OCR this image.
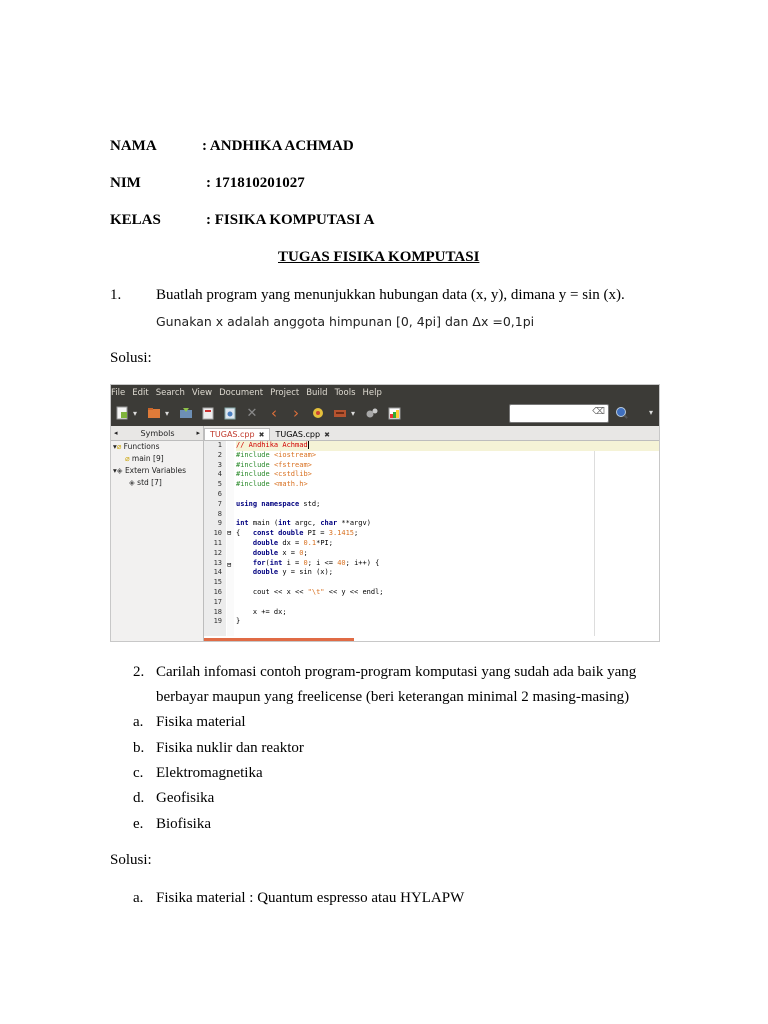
NAMA	: ANDHIKA ACHMAD
NIM	: 171810201027
KELAS	: FISIKA KOMPUTASI A
TUGAS FISIKA KOMPUTASI
1. Buatlah program yang menunjukkan hubungan data (x, y), dimana y = sin (x).
Gunakan x adalah anggota himpunan [0, 4pi] dan Δx =0,1pi
Solusi:
File Edit Search View Document Project Build Tools Help
▾	▾	✕ ‹	›	▾	⌫	▾
◂	Symbols	▸
▾⌀ Functions
⌀ main [9]
▾◈ Extern Variables
◈ std [7]
TUGAS.cpp ✖ TUGAS.cpp ✖
1
2
3
4
5
6
7
8
9
10
11
12
13
14
15
16
17
18
19
⊟
⊟
// Andhika Achmad
#include <iostream>
#include <fstream>
#include <cstdlib>
#include <math.h>
using namespace std;
int main (int argc, char **argv)
{   const double PI = 3.1415;
double dx = 0.1*PI;
double x = 0;
for(int i = 0; i <= 40; i++) {
double y = sin (x);
cout << x << "\t" << y << endl;
x += dx;
}
2. Carilah infomasi contoh program-program komputasi yang sudah ada baik yang
berbayar maupun yang freelicense (beri keterangan minimal 2 masing-masing)
a. Fisika material
b. Fisika nuklir dan reaktor
c. Elektromagnetika
d. Geofisika
e. Biofisika
Solusi:
a. Fisika material : Quantum espresso atau HYLAPW
